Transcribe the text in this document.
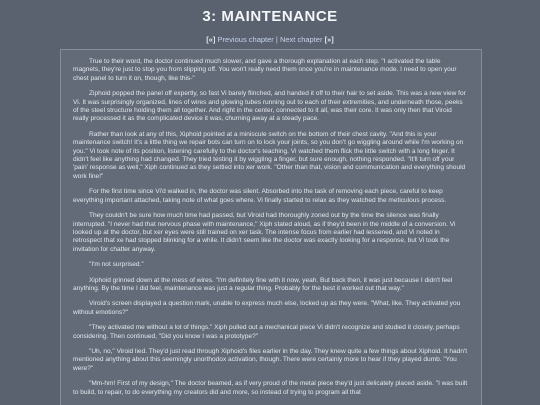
3: MAINTENANCE
[«] Previous chapter | Next chapter [»]

True to their word, the doctor continued much slower, and gave a thorough explanation at each step. "I activated the table magnets, they're just to stop you from slipping off. You won't really need them once you're in maintenance mode. I need to open your chest panel to turn it on, though, like this-"

Ziphoid popped the panel off expertly, so fast Vi barely flinched, and handed it off to their hair to set aside. This was a new view for Vi. It was surprisingly organized, lines of wires and glowing tubes running out to each of their extremities, and underneath those, peeks of the steel structure holding them all together. And right in the center, connected to it all, was their core. It was only then that Viroid really processed it as the complicated device it was, churning away at a steady pace.

Rather than look at any of this, Xiphoid pointed at a miniscule switch on the bottom of their chest cavity. "And this is your maintenance switch! It's a little thing we repair bots can turn on to lock your joints, so you don't go wiggling around while I'm working on you." Vi took note of its position, listening carefully to the doctor's teaching. Vi watched them flick the little switch with a long finger. It didn't feel like anything had changed. They tried testing it by wiggling a finger, but sure enough, nothing responded. "It'll turn off your 'pain' response as well," Xiph continued as they settled into xer work. "Other than that, vision and communication and everything should work fine!"

For the first time since Vi'd walked in, the doctor was silent. Absorbed into the task of removing each piece, careful to keep everything important attached, taking note of what goes where. Vi finally started to relax as they watched the meticulous process.

They couldn't be sure how much time had passed, but Viroid had thoroughly zoned out by the time the silence was finally interrupted. "I never had that nervous phase with maintenance," Xiph stated aloud, as if they'd been in the middle of a conversion. Vi looked up at the doctor, but xer eyes were still trained on xer task. The intense focus from earlier had lessened, and Vi noted in retrospect that xe had stopped blinking for a while. It didn't seem like the doctor was exactly looking for a response, but Vi took the invitation for chatter anyway.

"I'm not surprised."

Xiphoid grinned down at the mess of wires. "I'm definitely fine with it now, yeah. But back then, it was just because I didn't feel anything. By the time I did feel, maintenance was just a regular thing. Probably for the best it worked out that way."

Viroid's screen displayed a question mark, unable to express much else, locked up as they were. "What, like. They activated you without emotions?"

"They activated me without a lot of things." Xiph pulled out a mechanical piece Vi didn't recognize and studied it closely, perhaps considering. Then continued, "Did you know I was a prototype?"

"Uh, no," Viroid lied. They'd just read through Xiphoid's files earlier in the day. They knew quite a few things about Xiphoid. It hadn't mentioned anything about this seemingly unorthodox activation, though. There were certainly more to hear if they played dumb. "You were?"

"Mm-hm! First of my design," The doctor beamed, as if very proud of the metal piece they'd just delicately placed aside. "I was built to build, to repair, to do everything my creators did and more, so instead of trying to program all that
